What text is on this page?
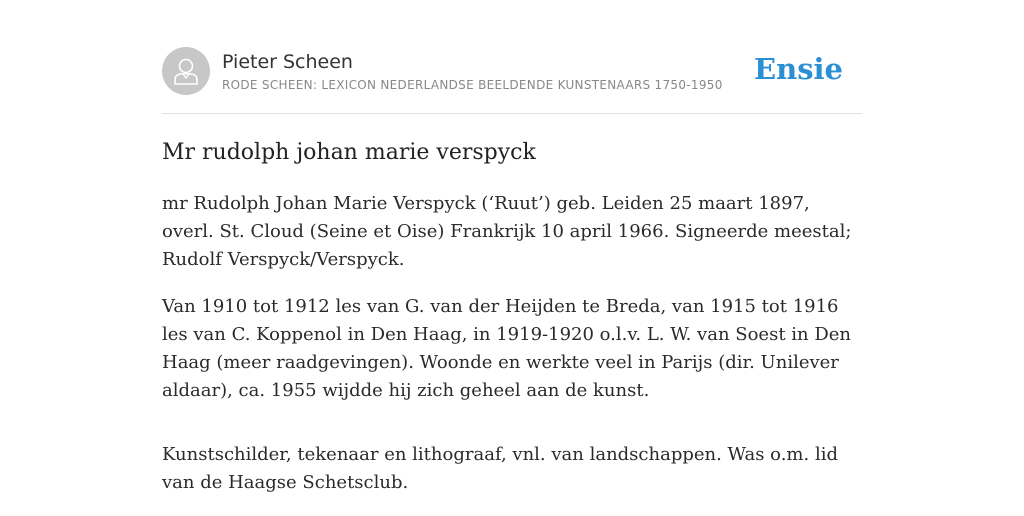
Pieter Scheen
RODE SCHEEN: LEXICON NEDERLANDSE BEELDENDE KUNSTENAARS 1750-1950 Ensie
Mr rudolph johan marie verspyck

mr Rudolph Johan Marie Verspyck (‘Ruut’) geb. Leiden 25 maart 1897, overl. St. Cloud (Seine et Oise) Frankrijk 10 april 1966. Signeerde meestal; Rudolf Verspyck/Verspyck.

Van 1910 tot 1912 les van G. van der Heijden te Breda, van 1915 tot 1916 les van C. Koppenol in Den Haag, in 1919-1920 o.l.v. L. W. van Soest in Den Haag (meer raadgevingen). Woonde en werkte veel in Parijs (dir. Unilever aldaar), ca. 1955 wijdde hij zich geheel aan de kunst.

Kunstschilder, tekenaar en lithograaf, vnl. van landschappen. Was o.m. lid van de Haagse Schetsclub.
